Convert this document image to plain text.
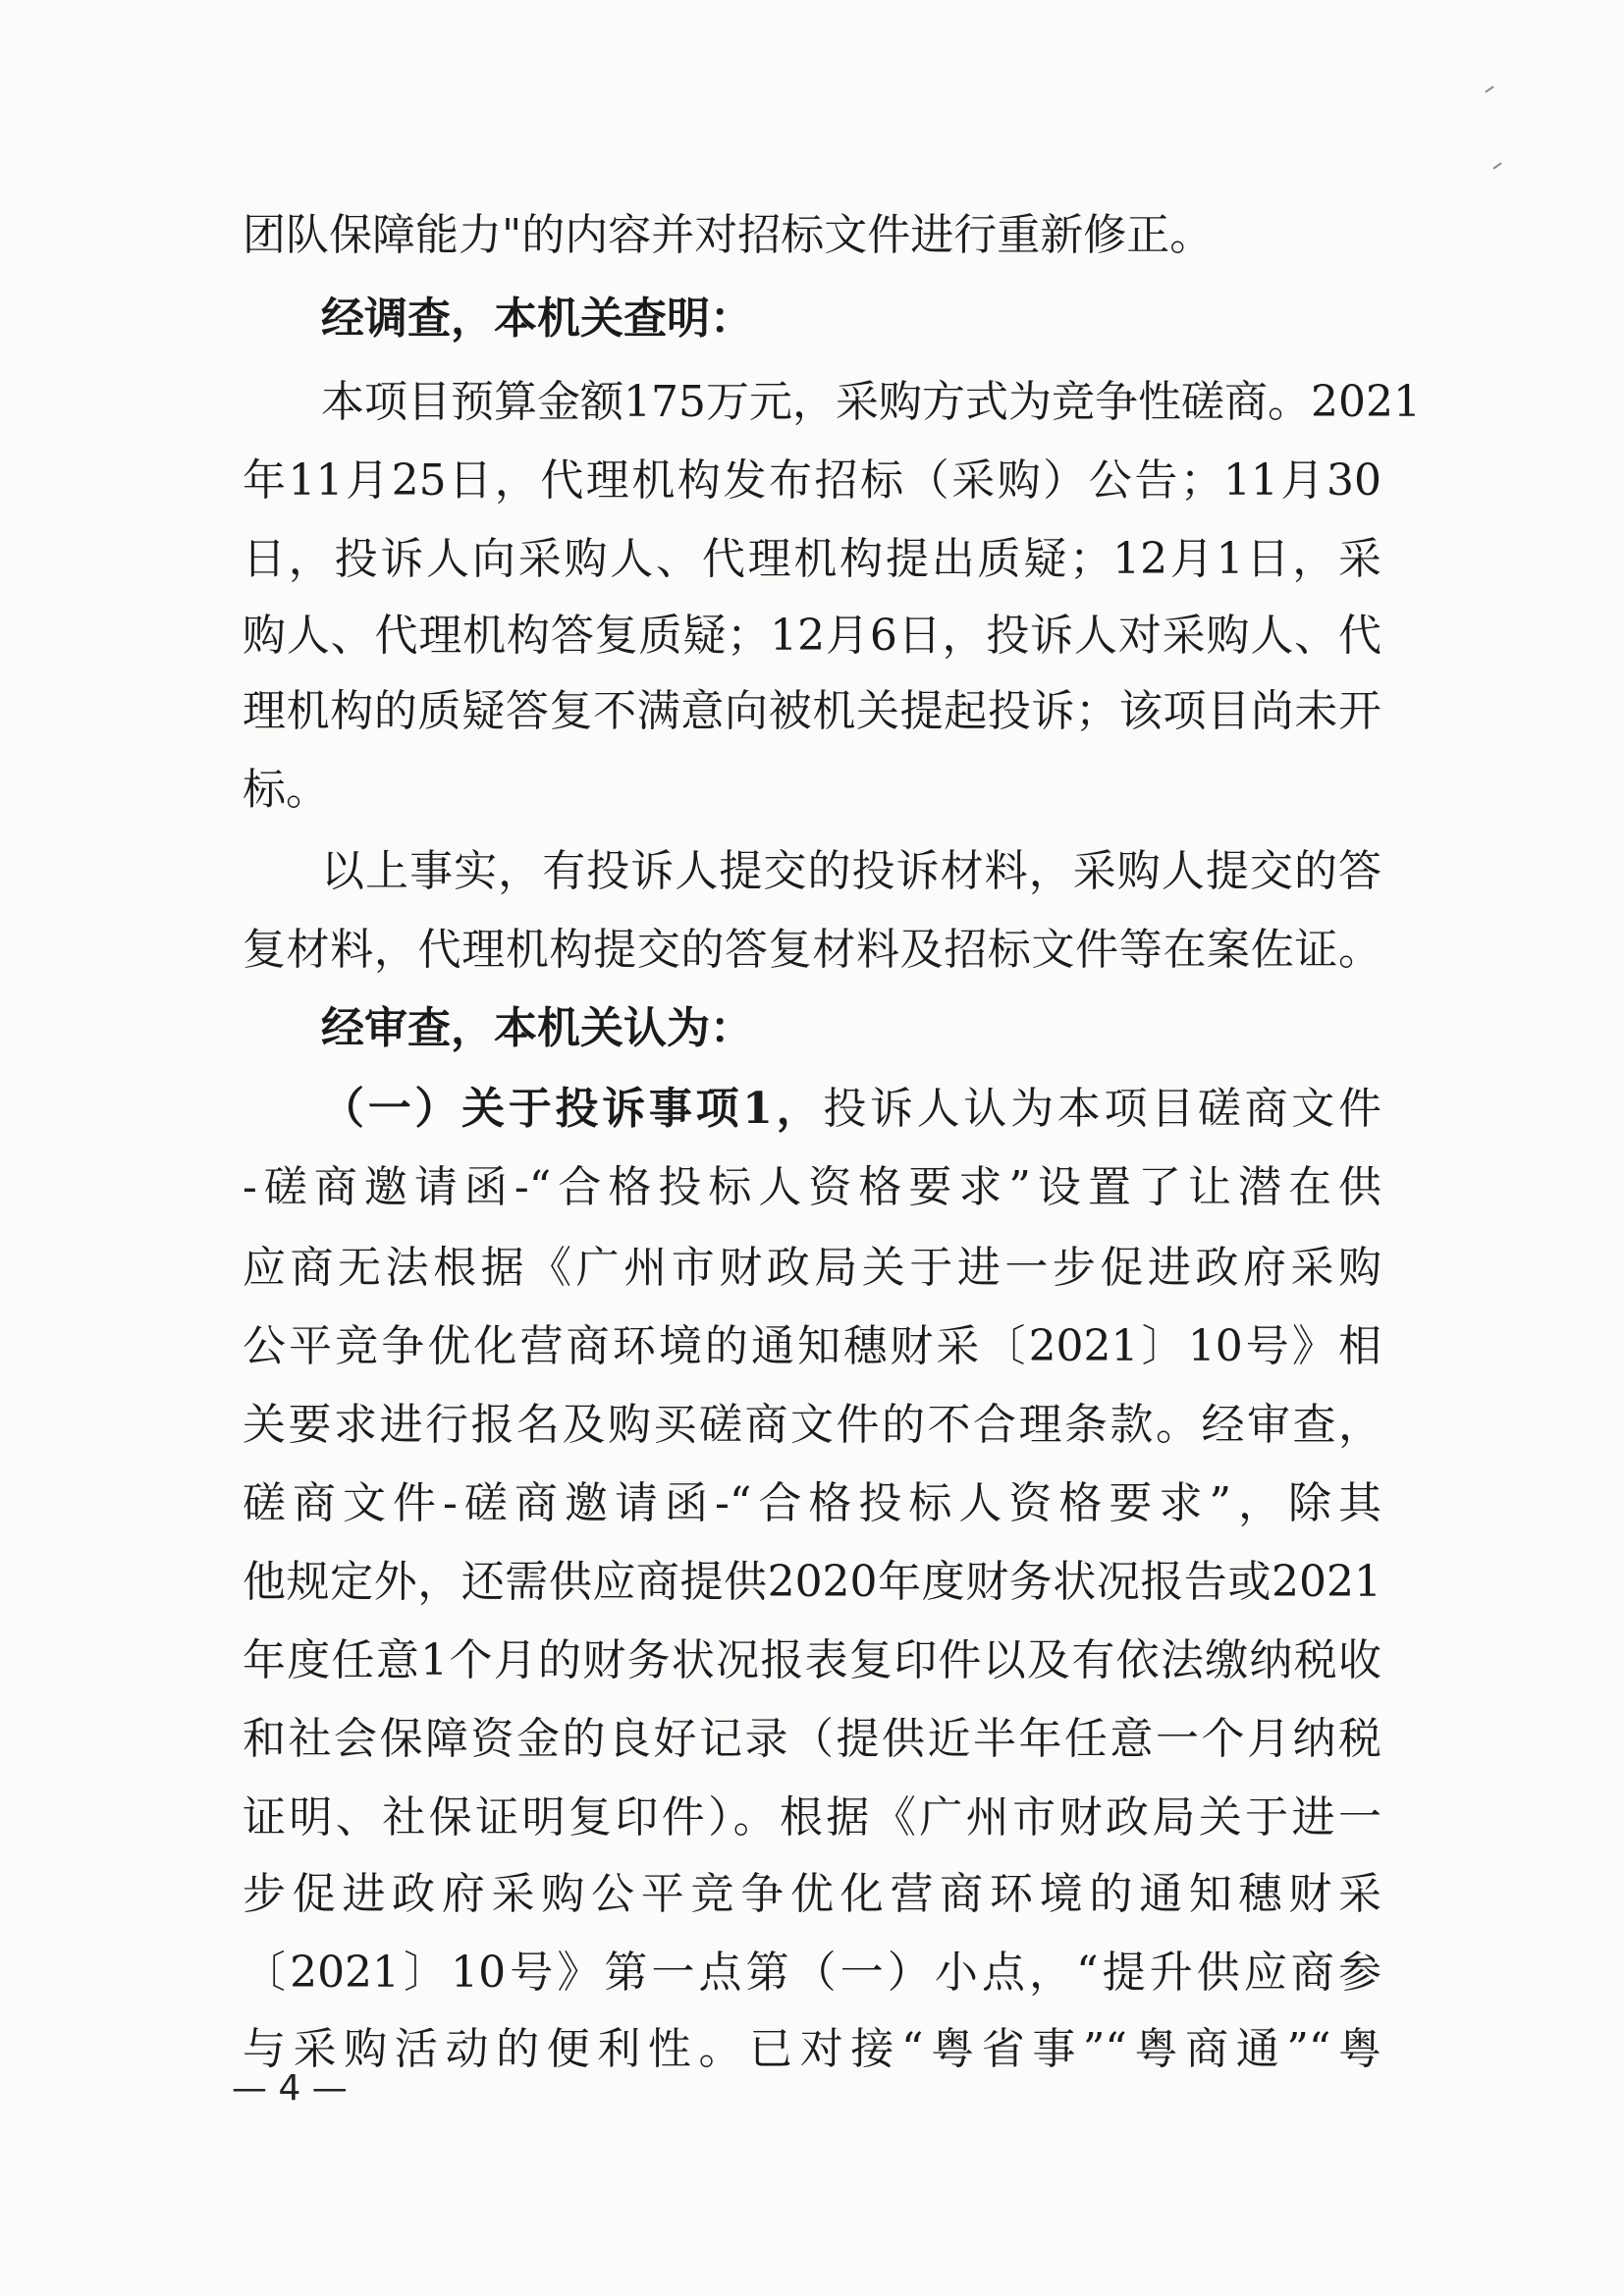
团队保障能力"的内容并对招标文件进行重新修正。
经调查，本机关查明：
本项目预算金额175万元，采购方式为竞争性磋商。2021
年11月25日，代理机构发布招标（采购）公告；11月30
日，投诉人向采购人、代理机构提出质疑；12月1日，采
购人、代理机构答复质疑；12月6日，投诉人对采购人、代
理机构的质疑答复不满意向被机关提起投诉；该项目尚未开
标。
以上事实，有投诉人提交的投诉材料，采购人提交的答
复材料，代理机构提交的答复材料及招标文件等在案佐证。
经审查，本机关认为：
（一）关于投诉事项1，投诉人认为本项目磋商文件
-磋商邀请函-“合格投标人资格要求”设置了让潜在供
应商无法根据《广州市财政局关于进一步促进政府采购
公平竞争优化营商环境的通知穗财采〔2021〕10号》相
关要求进行报名及购买磋商文件的不合理条款。经审查，
磋商文件-磋商邀请函-“合格投标人资格要求”，除其
他规定外，还需供应商提供2020年度财务状况报告或2021
年度任意1个月的财务状况报表复印件以及有依法缴纳税收
和社会保障资金的良好记录（提供近半年任意一个月纳税
证明、社保证明复印件）。根据《广州市财政局关于进一
步促进政府采购公平竞争优化营商环境的通知穗财采
〔2021〕10号》第一点第（一）小点，“提升供应商参
与采购活动的便利性。已对接“粤省事”“粤商通”“粤
— 4 —
